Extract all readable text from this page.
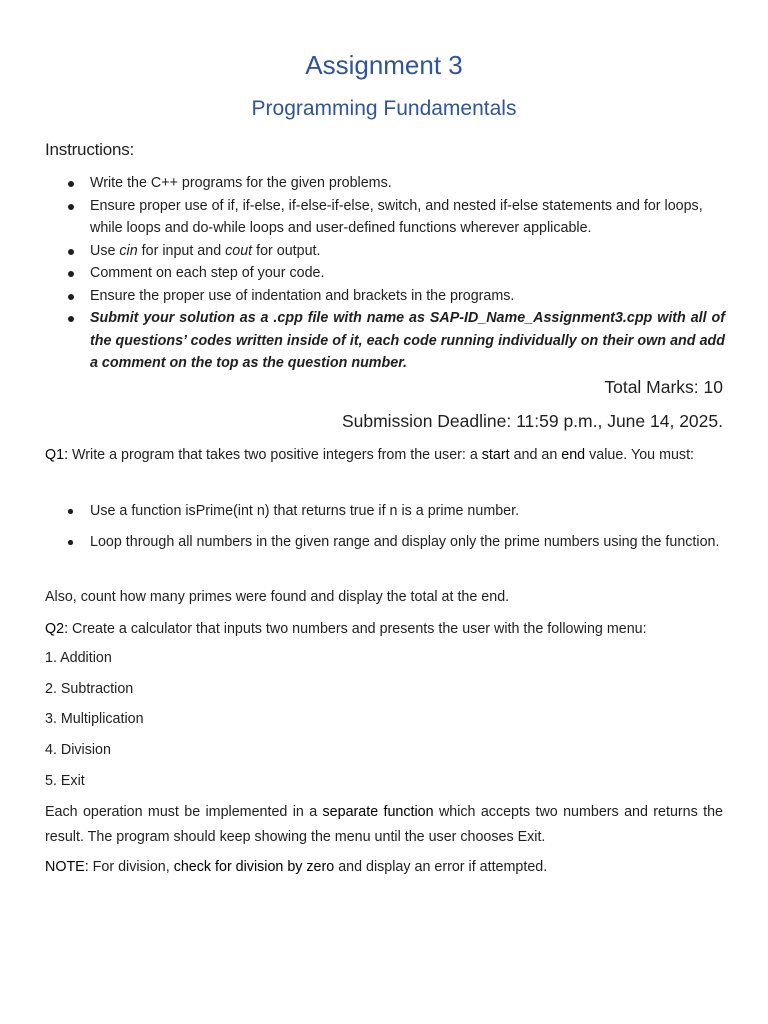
Assignment 3
Programming Fundamentals
Instructions:
Write the C++ programs for the given problems.
Ensure proper use of if, if-else, if-else-if-else, switch, and nested if-else statements and for loops, while loops and do-while loops and user-defined functions wherever applicable.
Use cin for input and cout for output.
Comment on each step of your code.
Ensure the proper use of indentation and brackets in the programs.
Submit your solution as a .cpp file with name as SAP-ID_Name_Assignment3.cpp with all of the questions’ codes written inside of it, each code running individually on their own and add a comment on the top as the question number.

Total Marks: 10

Submission Deadline: 11:59 p.m., June 14, 2025.

Q1: Write a program that takes two positive integers from the user: a start and an end value. You must:

Use a function isPrime(int n) that returns true if n is a prime number.
Loop through all numbers in the given range and display only the prime numbers using the function.

Also, count how many primes were found and display the total at the end.

Q2: Create a calculator that inputs two numbers and presents the user with the following menu:

1. Addition
2. Subtraction
3. Multiplication
4. Division
5. Exit

Each operation must be implemented in a separate function which accepts two numbers and returns the result. The program should keep showing the menu until the user chooses Exit.

NOTE: For division, check for division by zero and display an error if attempted.
